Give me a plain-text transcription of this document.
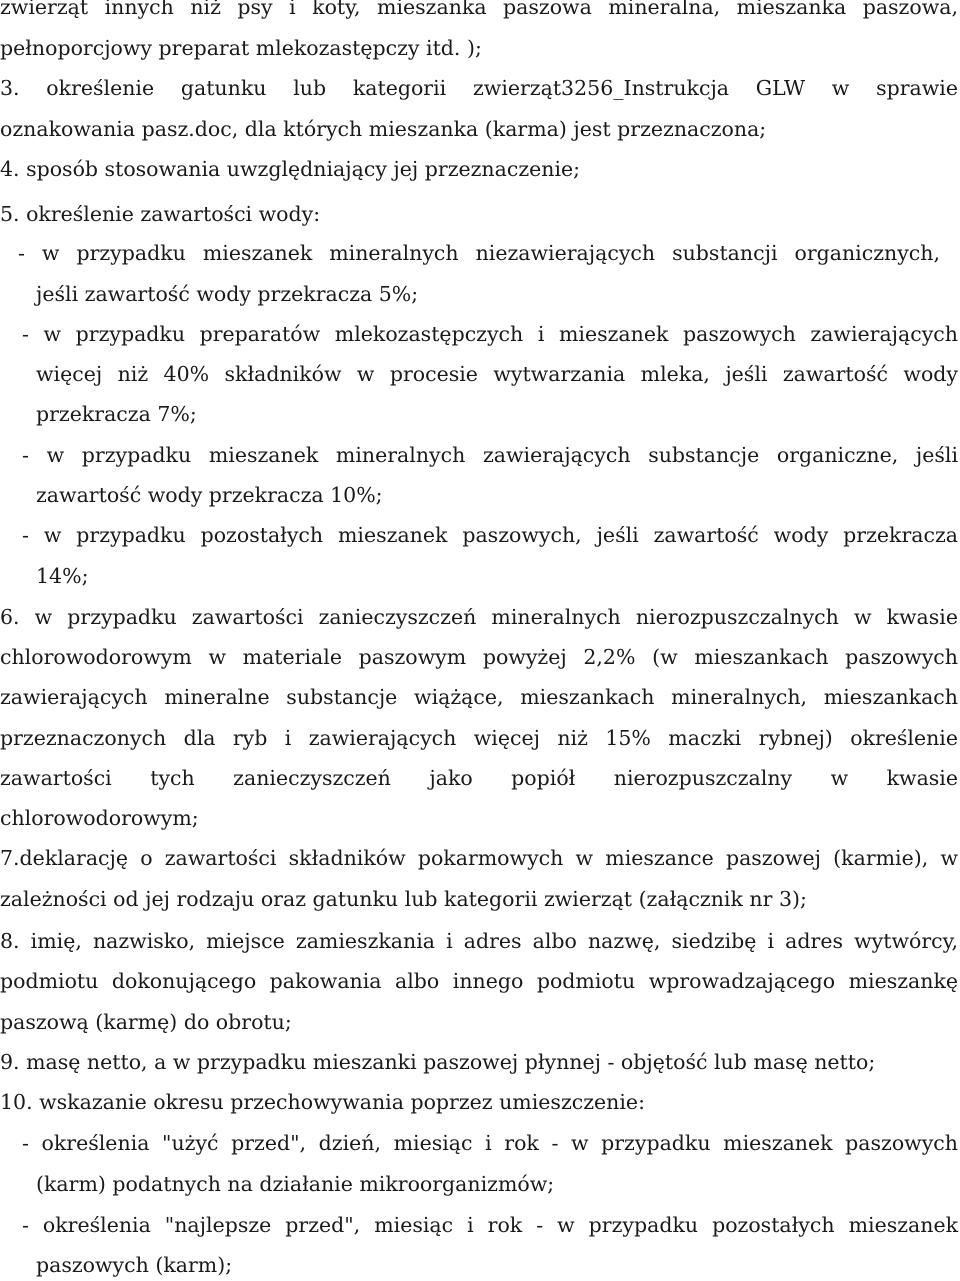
zwierząt innych niż psy i koty, mieszanka paszowa mineralna, mieszanka paszowa,

pełnoporcjowy preparat mlekozastępczy itd. );

3. określenie gatunku lub kategorii zwierząt3256_Instrukcja GLW w sprawie

oznakowania pasz.doc, dla których mieszanka (karma) jest przeznaczona;

4. sposób stosowania uwzględniający jej przeznaczenie;

5. określenie zawartości wody:

- w przypadku mieszanek mineralnych niezawierających substancji organicznych,

jeśli zawartość wody przekracza 5%;

- w przypadku preparatów mlekozastępczych i mieszanek paszowych zawierających

więcej niż 40% składników w procesie wytwarzania mleka, jeśli zawartość wody

przekracza 7%;

- w przypadku mieszanek mineralnych zawierających substancje organiczne, jeśli

zawartość wody przekracza 10%;

- w przypadku pozostałych mieszanek paszowych, jeśli zawartość wody przekracza

14%;

6. w przypadku zawartości zanieczyszczeń mineralnych nierozpuszczalnych w kwasie

chlorowodorowym w materiale paszowym powyżej 2,2% (w mieszankach paszowych

zawierających mineralne substancje wiążące, mieszankach mineralnych, mieszankach

przeznaczonych dla ryb i zawierających więcej niż 15% maczki rybnej) określenie

zawartości tych zanieczyszczeń jako popiół nierozpuszczalny w kwasie

chlorowodorowym;

7.deklarację o zawartości składników pokarmowych w mieszance paszowej (karmie), w

zależności od jej rodzaju oraz gatunku lub kategorii zwierząt (załącznik nr 3);

8. imię, nazwisko, miejsce zamieszkania i adres albo nazwę, siedzibę i adres wytwórcy,

podmiotu dokonującego pakowania albo innego podmiotu wprowadzającego mieszankę

paszową (karmę) do obrotu;

9. masę netto, a w przypadku mieszanki paszowej płynnej - objętość lub masę netto;

10. wskazanie okresu przechowywania poprzez umieszczenie:

- określenia "użyć przed", dzień, miesiąc i rok - w przypadku mieszanek paszowych

(karm) podatnych na działanie mikroorganizmów;

- określenia "najlepsze przed", miesiąc i rok - w przypadku pozostałych mieszanek

paszowych (karm);
